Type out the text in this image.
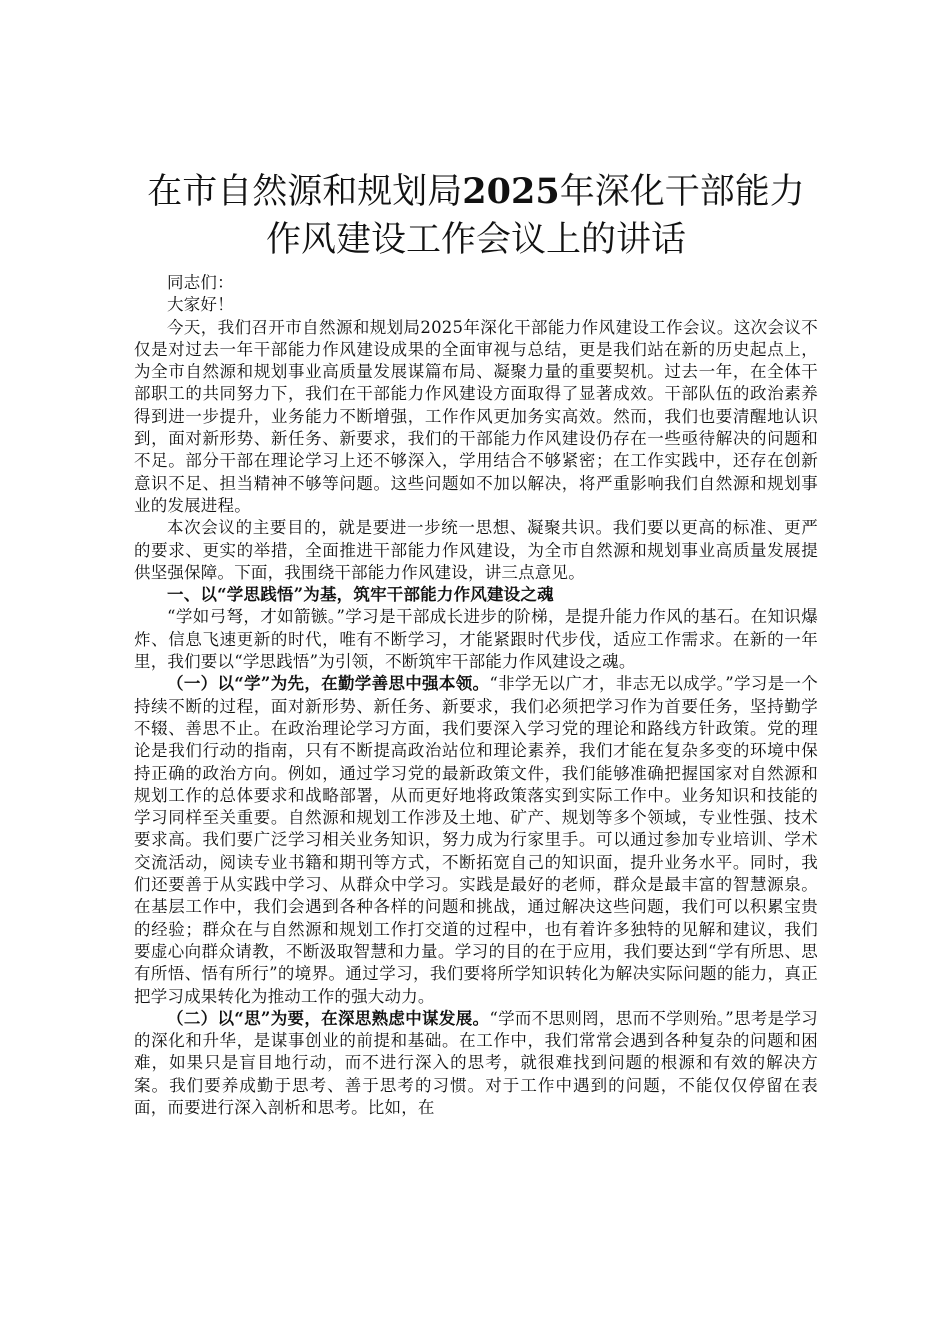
在市自然源和规划局2025年深化干部能力作风建设工作会议上的讲话

同志们：

大家好！

今天，我们召开市自然源和规划局2025年深化干部能力作风建设工作会议。这次会议不仅是对过去一年干部能力作风建设成果的全面审视与总结，更是我们站在新的历史起点上，为全市自然源和规划事业高质量发展谋篇布局、凝聚力量的重要契机。过去一年，在全体干部职工的共同努力下，我们在干部能力作风建设方面取得了显著成效。干部队伍的政治素养得到进一步提升，业务能力不断增强，工作作风更加务实高效。然而，我们也要清醒地认识到，面对新形势、新任务、新要求，我们的干部能力作风建设仍存在一些亟待解决的问题和不足。部分干部在理论学习上还不够深入，学用结合不够紧密；在工作实践中，还存在创新意识不足、担当精神不够等问题。这些问题如不加以解决，将严重影响我们自然源和规划事业的发展进程。

本次会议的主要目的，就是要进一步统一思想、凝聚共识。我们要以更高的标准、更严的要求、更实的举措，全面推进干部能力作风建设，为全市自然源和规划事业高质量发展提供坚强保障。下面，我围绕干部能力作风建设，讲三点意见。

一、以“学思践悟”为基，筑牢干部能力作风建设之魂

“学如弓弩，才如箭镞。”学习是干部成长进步的阶梯，是提升能力作风的基石。在知识爆炸、信息飞速更新的时代，唯有不断学习，才能紧跟时代步伐，适应工作需求。在新的一年里，我们要以“学思践悟”为引领，不断筑牢干部能力作风建设之魂。

（一）以“学”为先，在勤学善思中强本领。“非学无以广才，非志无以成学。”学习是一个持续不断的过程，面对新形势、新任务、新要求，我们必须把学习作为首要任务，坚持勤学不辍、善思不止。在政治理论学习方面，我们要深入学习党的理论和路线方针政策。党的理论是我们行动的指南，只有不断提高政治站位和理论素养，我们才能在复杂多变的环境中保持正确的政治方向。例如，通过学习党的最新政策文件，我们能够准确把握国家对自然源和规划工作的总体要求和战略部署，从而更好地将政策落实到实际工作中。业务知识和技能的学习同样至关重要。自然源和规划工作涉及土地、矿产、规划等多个领域，专业性强、技术要求高。我们要广泛学习相关业务知识，努力成为行家里手。可以通过参加专业培训、学术交流活动，阅读专业书籍和期刊等方式，不断拓宽自己的知识面，提升业务水平。同时，我们还要善于从实践中学习、从群众中学习。实践是最好的老师，群众是最丰富的智慧源泉。在基层工作中，我们会遇到各种各样的问题和挑战，通过解决这些问题，我们可以积累宝贵的经验；群众在与自然源和规划工作打交道的过程中，也有着许多独特的见解和建议，我们要虚心向群众请教，不断汲取智慧和力量。学习的目的在于应用，我们要达到“学有所思、思有所悟、悟有所行”的境界。通过学习，我们要将所学知识转化为解决实际问题的能力，真正把学习成果转化为推动工作的强大动力。

（二）以“思”为要，在深思熟虑中谋发展。“学而不思则罔，思而不学则殆。”思考是学习的深化和升华，是谋事创业的前提和基础。在工作中，我们常常会遇到各种复杂的问题和困难，如果只是盲目地行动，而不进行深入的思考，就很难找到问题的根源和有效的解决方案。我们要养成勤于思考、善于思考的习惯。对于工作中遇到的问题，不能仅仅停留在表面，而要进行深入剖析和思考。比如，在
